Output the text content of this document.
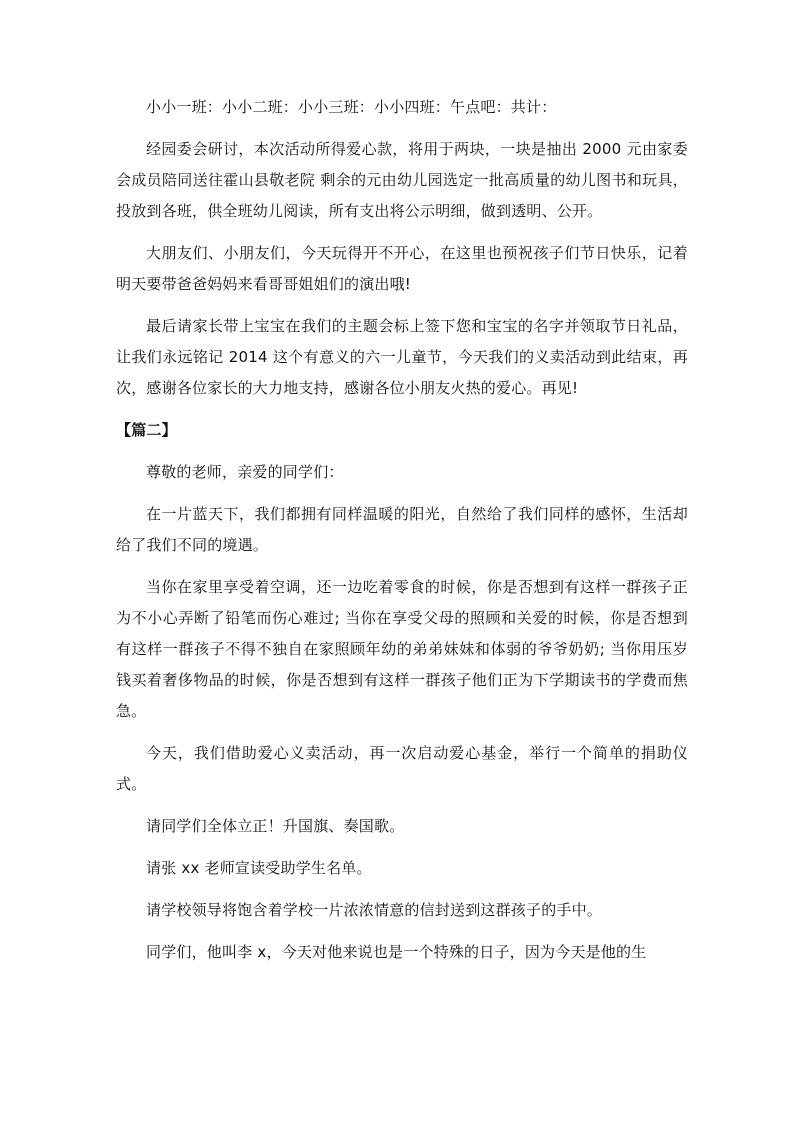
小小一班：小小二班：小小三班：小小四班：午点吧：共计：

经园委会研讨，本次活动所得爱心款，将用于两块，一块是抽出 2000 元由家委会成员陪同送往霍山县敬老院 剩余的元由幼儿园选定一批高质量的幼儿图书和玩具，投放到各班，供全班幼儿阅读，所有支出将公示明细，做到透明、公开。

大朋友们、小朋友们，今天玩得开不开心，在这里也预祝孩子们节日快乐，记着明天要带爸爸妈妈来看哥哥姐姐们的演出哦!

最后请家长带上宝宝在我们的主题会标上签下您和宝宝的名字并领取节日礼品，让我们永远铭记 2014 这个有意义的六一儿童节，今天我们的义卖活动到此结束，再次，感谢各位家长的大力地支持，感谢各位小朋友火热的爱心。再见!

【篇二】

尊敬的老师，亲爱的同学们：

在一片蓝天下，我们都拥有同样温暖的阳光，自然给了我们同样的感怀，生活却给了我们不同的境遇。

当你在家里享受着空调，还一边吃着零食的时候，你是否想到有这样一群孩子正为不小心弄断了铅笔而伤心难过; 当你在享受父母的照顾和关爱的时候，你是否想到有这样一群孩子不得不独自在家照顾年幼的弟弟妹妹和体弱的爷爷奶奶; 当你用压岁钱买着奢侈物品的时候，你是否想到有这样一群孩子他们正为下学期读书的学费而焦急。

今天，我们借助爱心义卖活动，再一次启动爱心基金，举行一个简单的捐助仪式。

请同学们全体立正！升国旗、奏国歌。

请张 xx 老师宣读受助学生名单。

请学校领导将饱含着学校一片浓浓情意的信封送到这群孩子的手中。

同学们，他叫李 x，今天对他来说也是一个特殊的日子，因为今天是他的生
